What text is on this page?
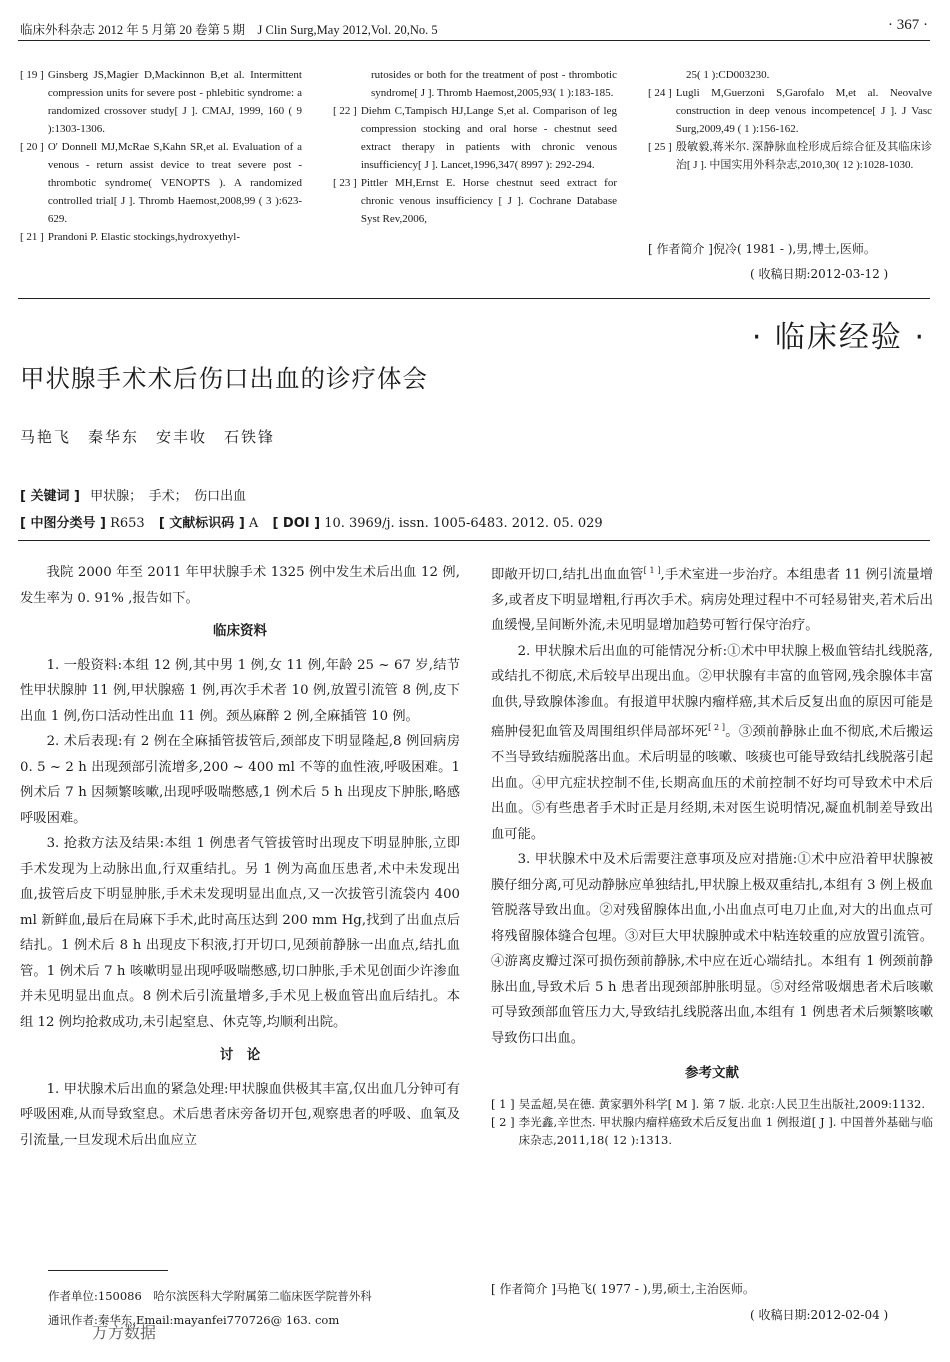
临床外科杂志 2012 年 5 月第 20 卷第 5 期　J Clin Surg,May 2012,Vol. 20,No. 5	· 367 ·
[ 19 ] Ginsberg JS,Magier D,Mackinnon B,et al. Intermittent compression units for severe post - phlebitic syndrome: a randomized crossover study[ J ]. CMAJ, 1999, 160 ( 9 ):1303-1306.
[ 20 ] O' Donnell MJ,McRae S,Kahn SR,et al. Evaluation of a venous - return assist device to treat severe post - thrombotic syndrome( VENOPTS ). A randomized controlled trial[ J ]. Thromb Haemost,2008,99 ( 3 ):623-629.
[ 21 ] Prandoni P. Elastic stockings,hydroxyethyl-
rutosides or both for the treatment of post - thrombotic syndrome[ J ]. Thromb Haemost,2005,93( 1 ):183-185.
[ 22 ] Diehm C,Tampisch HJ,Lange S,et al. Comparison of leg compression stocking and oral horse - chestnut seed extract therapy in patients with chronic venous insufficiency[ J ]. Lancet,1996,347( 8997 ): 292-294.
[ 23 ] Pittler MH,Ernst E. Horse chestnut seed extract for chronic venous insufficiency [ J ]. Cochrane Database Syst Rev,2006,
25( 1 ):CD003230.
[ 24 ] Lugli M,Guerzoni S,Garofalo M,et al. Neovalve construction in deep venous incompetence[ J ]. J Vasc Surg,2009,49 ( 1 ):156-162.
[ 25 ] 殷敏毅,蒋米尔. 深静脉血栓形成后综合征及其临床诊治[ J ]. 中国实用外科杂志,2010,30( 12 ):1028-1030.
[ 作者简介 ]倪冷( 1981 - ),男,博士,医师。
( 收稿日期:2012-03-12 )
· 临床经验 ·
甲状腺手术术后伤口出血的诊疗体会
马艳飞　秦华东　安丰收　石铁锋
[ 关键词 ] 甲状腺；　手术；　伤口出血
[ 中图分类号 ] R653 [ 文献标识码 ] A [ DOI ] 10. 3969/j. issn. 1005-6483. 2012. 05. 029

我院 2000 年至 2011 年甲状腺手术 1325 例中发生术后出血 12 例,发生率为 0. 91% ,报告如下。

临床资料

1. 一般资料:本组 12 例,其中男 1 例,女 11 例,年龄 25 ~ 67 岁,结节性甲状腺肿 11 例,甲状腺癌 1 例,再次手术者 10 例,放置引流管 8 例,皮下出血 1 例,伤口活动性出血 11 例。颈丛麻醉 2 例,全麻插管 10 例。

2. 术后表现:有 2 例在全麻插管拔管后,颈部皮下明显隆起,8 例回病房 0. 5 ~ 2 h 出现颈部引流增多,200 ~ 400 ml 不等的血性液,呼吸困难。1 例术后 7 h 因频繁咳嗽,出现呼吸喘憋感,1 例术后 5 h 出现皮下肿胀,略感呼吸困难。

3. 抢救方法及结果:本组 1 例患者气管拔管时出现皮下明显肿胀,立即手术发现为上动脉出血,行双重结扎。另 1 例为高血压患者,术中未发现出血,拔管后皮下明显肿胀,手术未发现明显出血点,又一次拔管引流袋内 400 ml 新鲜血,最后在局麻下手术,此时高压达到 200 mm Hg,找到了出血点后结扎。1 例术后 8 h 出现皮下积液,打开切口,见颈前静脉一出血点,结扎血管。1 例术后 7 h 咳嗽明显出现呼吸喘憋感,切口肿胀,手术见创面少许渗血并未见明显出血点。8 例术后引流量增多,手术见上极血管出血后结扎。本组 12 例均抢救成功,未引起窒息、休克等,均顺利出院。

讨　论

1. 甲状腺术后出血的紧急处理:甲状腺血供极其丰富,仅出血几分钟可有呼吸困难,从而导致窒息。术后患者床旁备切开包,观察患者的呼吸、血氧及引流量,一旦发现术后出血应立

即敞开切口,结扎出血血管[ 1 ],手术室进一步治疗。本组患者 11 例引流量增多,或者皮下明显增粗,行再次手术。病房处理过程中不可轻易钳夹,若术后出血缓慢,呈间断外流,未见明显增加趋势可暂行保守治疗。

2. 甲状腺术后出血的可能情况分析:①术中甲状腺上极血管结扎线脱落,或结扎不彻底,术后较早出现出血。②甲状腺有丰富的血管网,残余腺体丰富血供,导致腺体渗血。有报道甲状腺内瘤样癌,其术后反复出血的原因可能是癌肿侵犯血管及周围组织伴局部坏死[ 2 ]。③颈前静脉止血不彻底,术后搬运不当导致结痂脱落出血。术后明显的咳嗽、咳痰也可能导致结扎线脱落引起出血。④甲亢症状控制不佳,长期高血压的术前控制不好均可导致术中术后出血。⑤有些患者手术时正是月经期,未对医生说明情况,凝血机制差导致出血可能。

3. 甲状腺术中及术后需要注意事项及应对措施:①术中应沿着甲状腺被膜仔细分离,可见动静脉应单独结扎,甲状腺上极双重结扎,本组有 3 例上极血管脱落导致出血。②对残留腺体出血,小出血点可电刀止血,对大的出血点可将残留腺体缝合包埋。③对巨大甲状腺肿或术中粘连较重的应放置引流管。④游离皮瓣过深可损伤颈前静脉,术中应在近心端结扎。本组有 1 例颈前静脉出血,导致术后 5 h 患者出现颈部肿胀明显。⑤对经常吸烟患者术后咳嗽可导致颈部血管压力大,导致结扎线脱落出血,本组有 1 例患者术后频繁咳嗽导致伤口出血。

参考文献
[ 1 ] 吴孟超,吴在德. 黄家驷外科学[ M ]. 第 7 版. 北京:人民卫生出版社,2009:1132.
[ 2 ] 李光鑫,辛世杰. 甲状腺内瘤样癌致术后反复出血 1 例报道[ J ]. 中国普外基础与临床杂志,2011,18( 12 ):1313.
作者单位:150086　哈尔滨医科大学附属第二临床医学院普外科
通讯作者:秦华东,Email:mayanfei770726@ 163. com
万方数据
[ 作者简介 ]马艳飞( 1977 - ),男,硕士,主治医师。
( 收稿日期:2012-02-04 )
